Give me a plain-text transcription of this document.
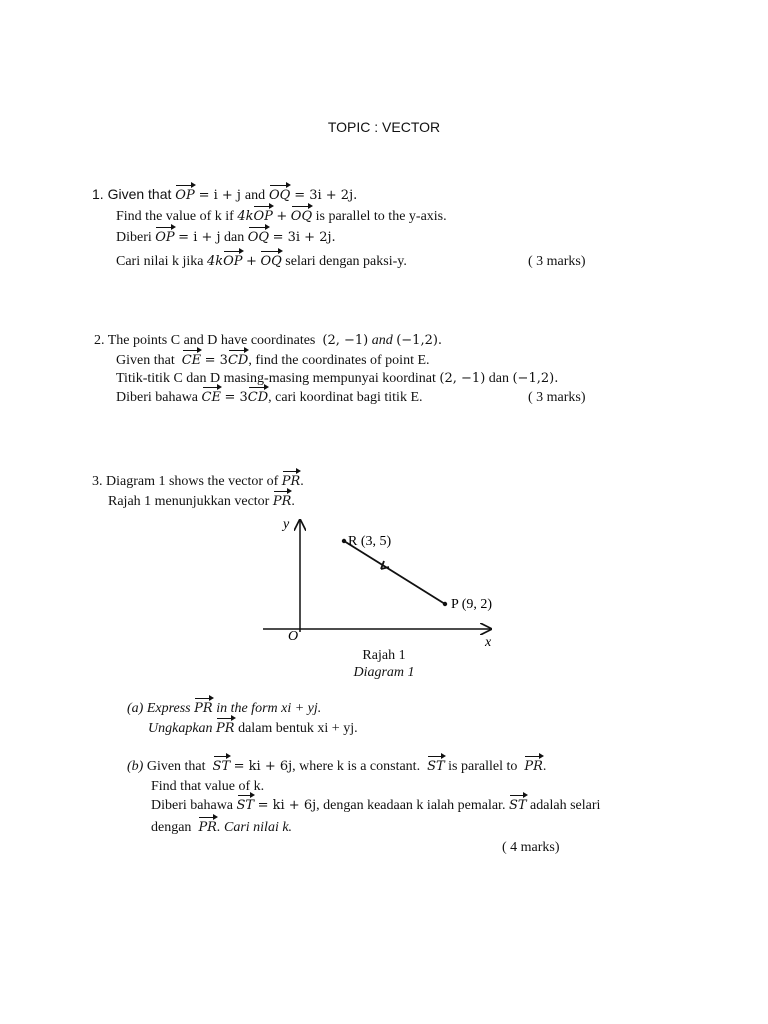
TOPIC : VECTOR
1. Given that OP = i + j and OQ = 3i + 2j.
Find the value of k if 4kOP + OQ is parallel to the y-axis.
Diberi OP = i + j dan OQ = 3i + 2j.
Cari nilai k jika 4kOP + OQ selari dengan paksi-y.	( 3 marks)
2. The points C and D have coordinates (2, −1) and (−1,2).
Given that CE = 3CD, find the coordinates of point E.
Titik-titik C dan D masing-masing mempunyai koordinat (2, −1) dan (−1,2).
Diberi bahawa CE = 3CD, cari koordinat bagi titik E.	( 3 marks)
3. Diagram 1 shows the vector of PR.
Rajah 1 menunjukkan vector PR.
y
x
O
R (3, 5)
P (9, 2)
Rajah 1
Diagram 1
(a) Express PR in the form xi + yj.
Ungkapkan PR dalam bentuk xi + yj.
(b) Given that ST = ki + 6j, where k is a constant. ST is parallel to PR.
Find that value of k.
Diberi bahawa ST = ki + 6j, dengan keadaan k ialah pemalar. ST adalah selari
dengan PR. Cari nilai k.
( 4 marks)
